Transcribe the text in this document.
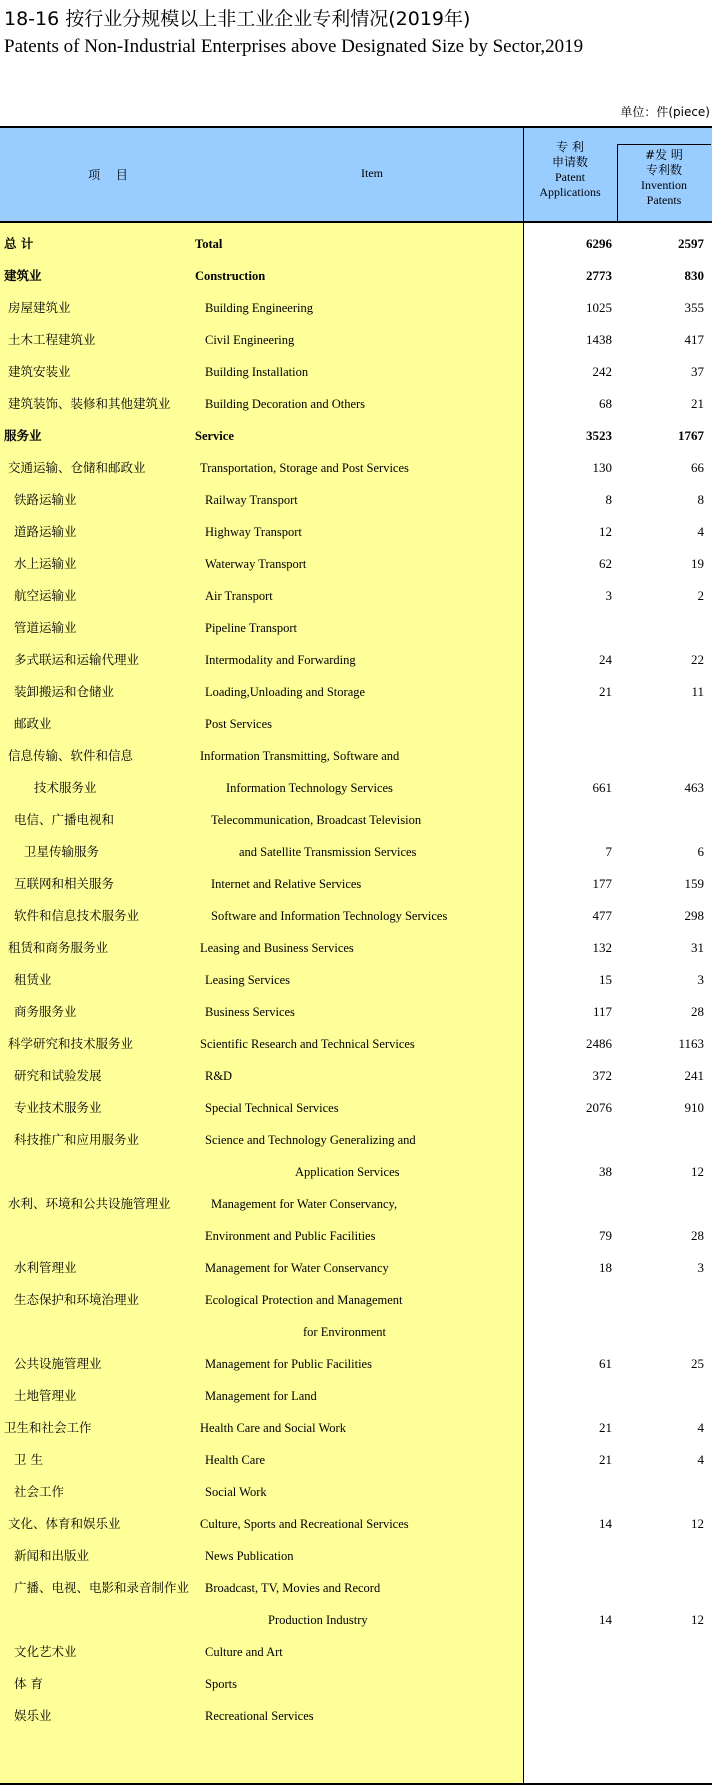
18-16 按行业分规模以上非工业企业专利情况(2019年)
Patents of Non-Industrial Enterprises above Designated Size by Sector,2019
单位：件(piece)
项 目	Item
专 利
申请数
Patent
Applications
#发 明
专利数
Invention
Patents
总 计	Total	6296	2597
建筑业	Construction	2773	830
房屋建筑业	Building Engineering	1025	355
土木工程建筑业	Civil Engineering	1438	417
建筑安装业	Building Installation	242	37
建筑装饰、装修和其他建筑业	Building Decoration and Others	68	21
服务业	Service	3523	1767
交通运输、仓储和邮政业	Transportation, Storage and Post Services	130	66
铁路运输业	Railway Transport	8	8
道路运输业	Highway Transport	12	4
水上运输业	Waterway Transport	62	19
航空运输业	Air Transport	3	2
管道运输业	Pipeline Transport
多式联运和运输代理业	Intermodality and Forwarding	24	22
装卸搬运和仓储业	Loading,Unloading and Storage	21	11
邮政业	Post Services
信息传输、软件和信息	Information Transmitting, Software and
技术服务业	Information Technology Services	661	463
电信、广播电视和	Telecommunication, Broadcast Television
卫星传输服务	and Satellite Transmission Services	7	6
互联网和相关服务	Internet and Relative Services	177	159
软件和信息技术服务业	Software and Information Technology Services	477	298
租赁和商务服务业	Leasing and Business Services	132	31
租赁业	Leasing Services	15	3
商务服务业	Business Services	117	28
科学研究和技术服务业	Scientific Research and Technical Services	2486	1163
研究和试验发展	R&D	372	241
专业技术服务业	Special Technical Services	2076	910
科技推广和应用服务业	Science and Technology Generalizing and
Application Services	38	12
水利、环境和公共设施管理业	Management for Water Conservancy,
Environment and Public Facilities	79	28
水利管理业	Management for Water Conservancy	18	3
生态保护和环境治理业	Ecological Protection and Management
for Environment
公共设施管理业	Management for Public Facilities	61	25
土地管理业	Management for Land
卫生和社会工作	Health Care and Social Work	21	4
卫 生	Health Care	21	4
社会工作	Social Work
文化、体育和娱乐业	Culture, Sports and Recreational Services	14	12
新闻和出版业	News Publication
广播、电视、电影和录音制作业 Broadcast, TV, Movies and Record
Production Industry	14	12
文化艺术业	Culture and Art
体 育	Sports
娱乐业	Recreational Services
